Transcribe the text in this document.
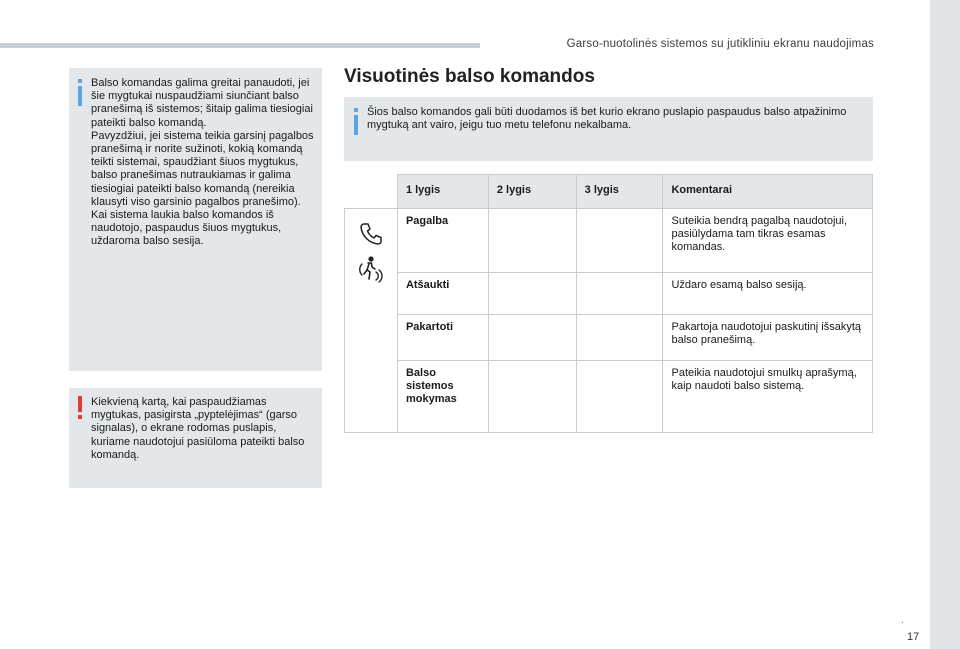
Garso-nuotolinės sistemos su jutikliniu ekranu naudojimas
Balso komandas galima greitai panaudoti, jei šie mygtukai nuspaudžiami siunčiant balso pranešimą iš sistemos; šitaip galima tiesiogiai pateikti balso komandą.
Pavyzdžiui, jei sistema teikia garsinį pagalbos pranešimą ir norite sužinoti, kokią komandą teikti sistemai, spaudžiant šiuos mygtukus, balso pranešimas nutraukiamas ir galima tiesiogiai pateikti balso komandą (nereikia klausyti viso garsinio pagalbos pranešimo).
Kai sistema laukia balso komandos iš naudotojo, paspaudus šiuos mygtukus, uždaroma balso sesija.
Kiekvieną kartą, kai paspaudžiamas mygtukas, pasigirsta „pyptelėjimas“ (garso signalas), o ekrane rodomas puslapis, kuriame naudotojui pasiūloma pateikti balso komandą.
Visuotinės balso komandos
Šios balso komandos gali būti duodamos iš bet kurio ekrano puslapio paspaudus balso atpažinimo mygtuką ant vairo, jeigu tuo metu telefonu nekalbama.
	1 lygis	2 lygis	3 lygis	Komentarai

	Pagalba			Suteikia bendrą pagalbą naudotojui, pasiūlydama tam tikras esamas komandas.
	Atšaukti			Uždaro esamą balso sesiją.
	Pakartoti			Pakartoja naudotojui paskutinį išsakytą balso pranešimą.
	Balso
sistemos
mokymas			Pateikia naudotojui smulkų aprašymą, kaip naudoti balso sistemą.
.
17
